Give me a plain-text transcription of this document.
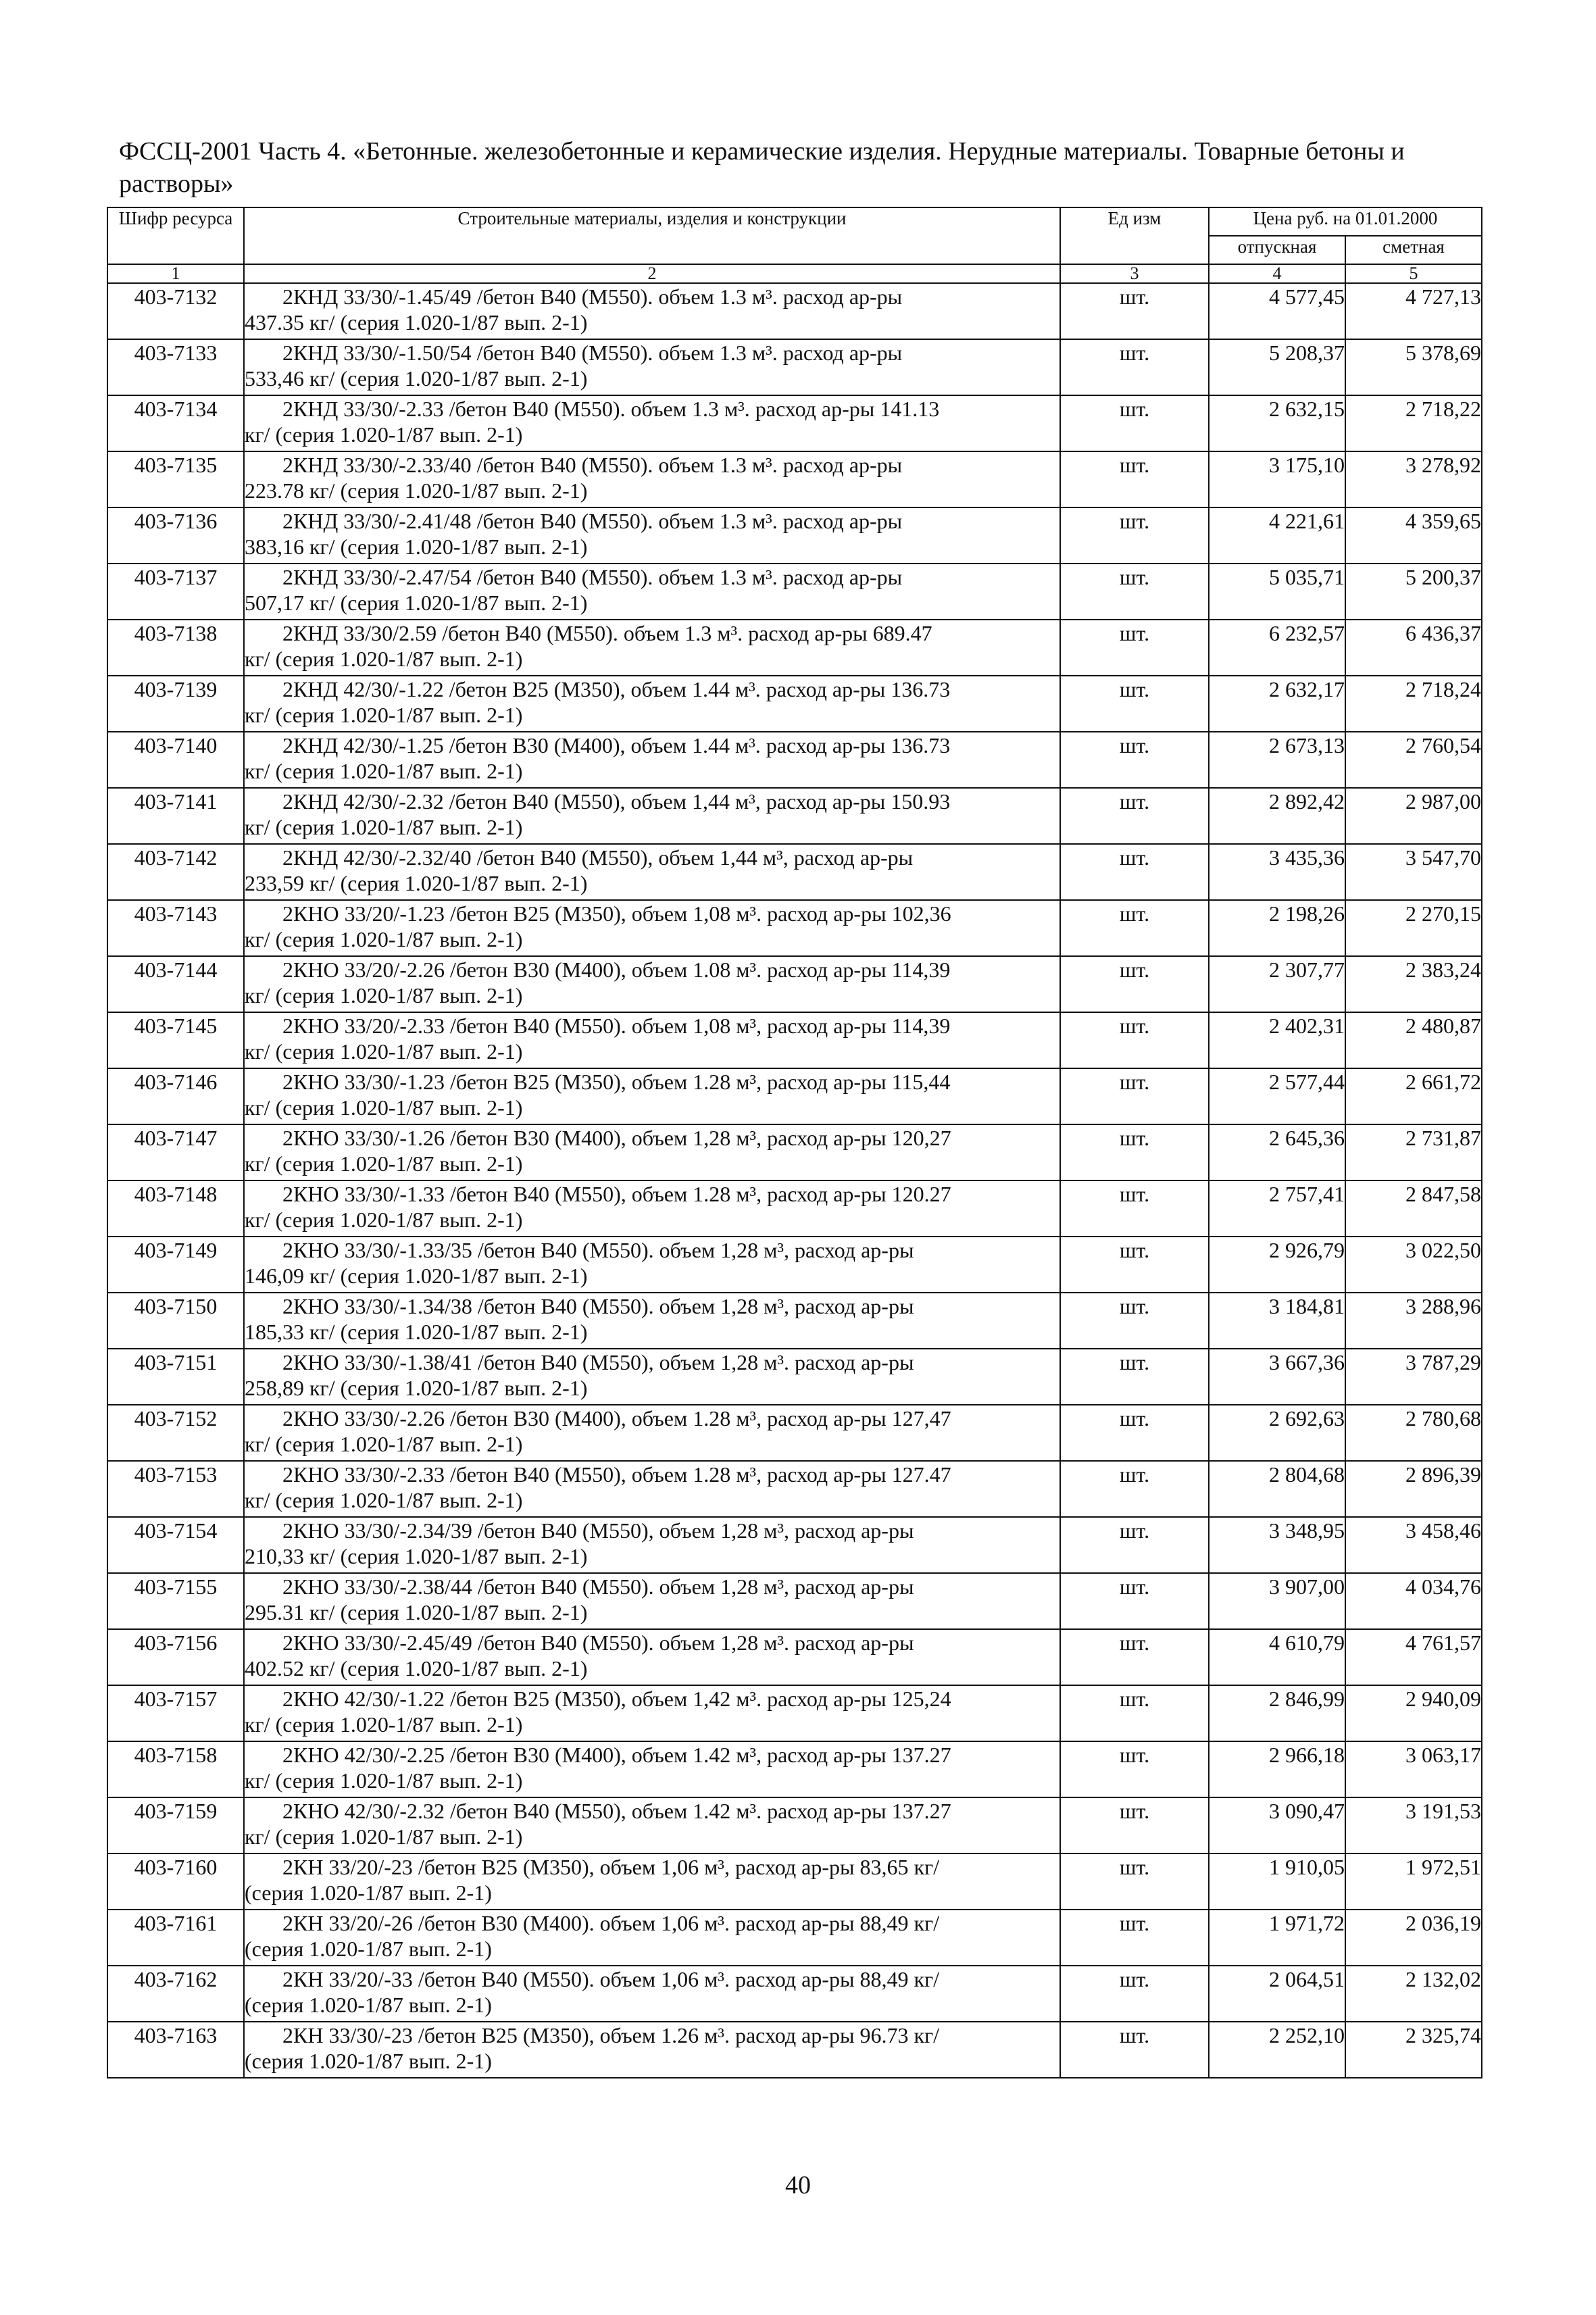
ФССЦ-2001 Часть 4. «Бетонные. железобетонные и керамические изделия. Нерудные материалы. Товарные бетоны и растворы»
Шифр ресурса	Строительные материалы, изделия и конструкции	Ед изм	Цена руб. на 01.01.2000	
			отпускная	сметная
1	2	3	4	5
403-7132	2КНД 33/30/-1.45/49 /бетон В40 (М550). объем 1.3 м³. расход ар-ры
437.35 кг/ (серия 1.020-1/87 вып. 2-1)	шт.	4 577,45	4 727,13
403-7133	2КНД 33/30/-1.50/54 /бетон В40 (М550). объем 1.3 м³. расход ар-ры
533,46 кг/ (серия 1.020-1/87 вып. 2-1)	шт.	5 208,37	5 378,69
403-7134	2КНД 33/30/-2.33 /бетон В40 (М550). объем 1.3 м³. расход ар-ры 141.13
кг/ (серия 1.020-1/87 вып. 2-1)	шт.	2 632,15	2 718,22
403-7135	2КНД 33/30/-2.33/40 /бетон В40 (М550). объем 1.3 м³. расход ар-ры
223.78 кг/ (серия 1.020-1/87 вып. 2-1)	шт.	3 175,10	3 278,92
403-7136	2КНД 33/30/-2.41/48 /бетон В40 (М550). объем 1.3 м³. расход ар-ры
383,16 кг/ (серия 1.020-1/87 вып. 2-1)	шт.	4 221,61	4 359,65
403-7137	2КНД 33/30/-2.47/54 /бетон В40 (М550). объем 1.3 м³. расход ар-ры
507,17 кг/ (серия 1.020-1/87 вып. 2-1)	шт.	5 035,71	5 200,37
403-7138	2КНД 33/30/2.59 /бетон В40 (М550). объем 1.3 м³. расход ар-ры 689.47
кг/ (серия 1.020-1/87 вып. 2-1)	шт.	6 232,57	6 436,37
403-7139	2КНД 42/30/-1.22 /бетон В25 (М350), объем 1.44 м³. расход ар-ры 136.73
кг/ (серия 1.020-1/87 вып. 2-1)	шт.	2 632,17	2 718,24
403-7140	2КНД 42/30/-1.25 /бетон В30 (М400), объем 1.44 м³. расход ар-ры 136.73
кг/ (серия 1.020-1/87 вып. 2-1)	шт.	2 673,13	2 760,54
403-7141	2КНД 42/30/-2.32 /бетон В40 (М550), объем 1,44 м³, расход ар-ры 150.93
кг/ (серия 1.020-1/87 вып. 2-1)	шт.	2 892,42	2 987,00
403-7142	2КНД 42/30/-2.32/40 /бетон В40 (М550), объем 1,44 м³, расход ар-ры
233,59 кг/ (серия 1.020-1/87 вып. 2-1)	шт.	3 435,36	3 547,70
403-7143	2КНО 33/20/-1.23 /бетон В25 (М350), объем 1,08 м³. расход ар-ры 102,36
кг/ (серия 1.020-1/87 вып. 2-1)	шт.	2 198,26	2 270,15
403-7144	2КНО 33/20/-2.26 /бетон В30 (М400), объем 1.08 м³. расход ар-ры 114,39
кг/ (серия 1.020-1/87 вып. 2-1)	шт.	2 307,77	2 383,24
403-7145	2КНО 33/20/-2.33 /бетон В40 (М550). объем 1,08 м³, расход ар-ры 114,39
кг/ (серия 1.020-1/87 вып. 2-1)	шт.	2 402,31	2 480,87
403-7146	2КНО 33/30/-1.23 /бетон В25 (М350), объем 1.28 м³, расход ар-ры 115,44
кг/ (серия 1.020-1/87 вып. 2-1)	шт.	2 577,44	2 661,72
403-7147	2КНО 33/30/-1.26 /бетон В30 (М400), объем 1,28 м³, расход ар-ры 120,27
кг/ (серия 1.020-1/87 вып. 2-1)	шт.	2 645,36	2 731,87
403-7148	2КНО 33/30/-1.33 /бетон В40 (М550), объем 1.28 м³, расход ар-ры 120.27
кг/ (серия 1.020-1/87 вып. 2-1)	шт.	2 757,41	2 847,58
403-7149	2КНО 33/30/-1.33/35 /бетон В40 (М550). объем 1,28 м³, расход ар-ры
146,09 кг/ (серия 1.020-1/87 вып. 2-1)	шт.	2 926,79	3 022,50
403-7150	2КНО 33/30/-1.34/38 /бетон В40 (М550). объем 1,28 м³, расход ар-ры
185,33 кг/ (серия 1.020-1/87 вып. 2-1)	шт.	3 184,81	3 288,96
403-7151	2КНО 33/30/-1.38/41 /бетон В40 (М550), объем 1,28 м³. расход ар-ры
258,89 кг/ (серия 1.020-1/87 вып. 2-1)	шт.	3 667,36	3 787,29
403-7152	2КНО 33/30/-2.26 /бетон В30 (М400), объем 1.28 м³, расход ар-ры 127,47
кг/ (серия 1.020-1/87 вып. 2-1)	шт.	2 692,63	2 780,68
403-7153	2КНО 33/30/-2.33 /бетон В40 (М550), объем 1.28 м³, расход ар-ры 127.47
кг/ (серия 1.020-1/87 вып. 2-1)	шт.	2 804,68	2 896,39
403-7154	2КНО 33/30/-2.34/39 /бетон В40 (М550), объем 1,28 м³, расход ар-ры
210,33 кг/ (серия 1.020-1/87 вып. 2-1)	шт.	3 348,95	3 458,46
403-7155	2КНО 33/30/-2.38/44 /бетон В40 (М550). объем 1,28 м³, расход ар-ры
295.31 кг/ (серия 1.020-1/87 вып. 2-1)	шт.	3 907,00	4 034,76
403-7156	2КНО 33/30/-2.45/49 /бетон В40 (М550). объем 1,28 м³. расход ар-ры
402.52 кг/ (серия 1.020-1/87 вып. 2-1)	шт.	4 610,79	4 761,57
403-7157	2КНО 42/30/-1.22 /бетон В25 (М350), объем 1,42 м³. расход ар-ры 125,24
кг/ (серия 1.020-1/87 вып. 2-1)	шт.	2 846,99	2 940,09
403-7158	2КНО 42/30/-2.25 /бетон В30 (М400), объем 1.42 м³, расход ар-ры 137.27
кг/ (серия 1.020-1/87 вып. 2-1)	шт.	2 966,18	3 063,17
403-7159	2КНО 42/30/-2.32 /бетон В40 (М550), объем 1.42 м³. расход ар-ры 137.27
кг/ (серия 1.020-1/87 вып. 2-1)	шт.	3 090,47	3 191,53
403-7160	2КН 33/20/-23 /бетон В25 (М350), объем 1,06 м³, расход ар-ры 83,65 кг/
(серия 1.020-1/87 вып. 2-1)	шт.	1 910,05	1 972,51
403-7161	2КН 33/20/-26 /бетон В30 (М400). объем 1,06 м³. расход ар-ры 88,49 кг/
(серия 1.020-1/87 вып. 2-1)	шт.	1 971,72	2 036,19
403-7162	2КН 33/20/-33 /бетон В40 (М550). объем 1,06 м³. расход ар-ры 88,49 кг/
(серия 1.020-1/87 вып. 2-1)	шт.	2 064,51	2 132,02
403-7163	2КН 33/30/-23 /бетон В25 (М350), объем 1.26 м³. расход ар-ры 96.73 кг/
(серия 1.020-1/87 вып. 2-1)	шт.	2 252,10	2 325,74
40
